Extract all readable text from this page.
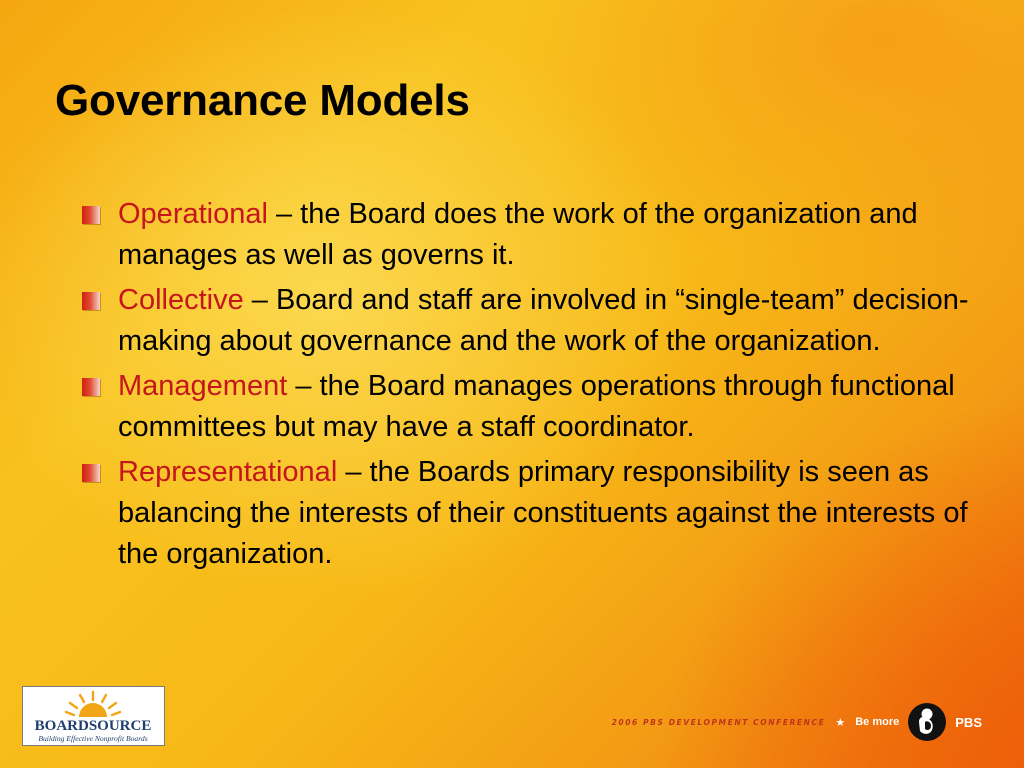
Governance Models
Operational – the Board does the work of the organization and manages as well as governs it.
Collective – Board and staff are involved in “single-team” decision-making about governance and the work of the organization.
Management – the Board manages operations through functional committees but may have a staff coordinator.
Representational – the Boards primary responsibility is seen as balancing the interests of their constituents against the interests of the organization.
BOARDSOURCE
Building Effective Nonprofit Boards
2006 PBS DEVELOPMENT CONFERENCE ★ Be more	PBS
